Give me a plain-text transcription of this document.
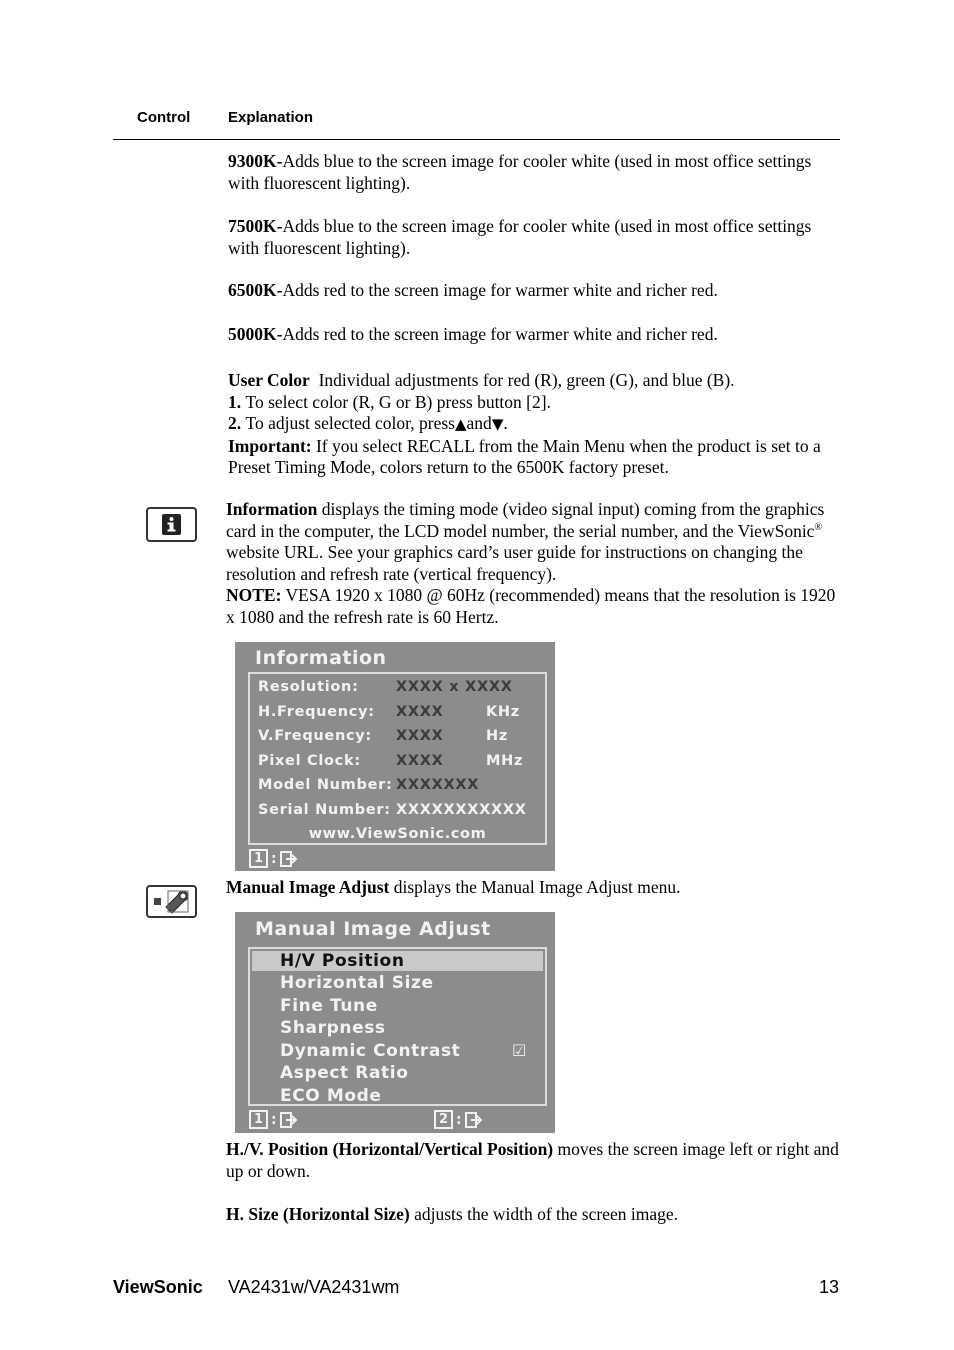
Control	Explanation
9300K-Adds blue to the screen image for cooler white (used in most office settings with fluorescent lighting).
7500K-Adds blue to the screen image for cooler white (used in most office settings with fluorescent lighting).
6500K-Adds red to the screen image for warmer white and richer red.
5000K-Adds red to the screen image for warmer white and richer red.

User Color Individual adjustments for red (R), green (G), and blue (B).

1. To select color (R, G or B) press button [2].

2. To adjust selected color, press▲and▼.

Important: If you select RECALL from the Main Menu when the product is set to a Preset Timing Mode, colors return to the 6500K factory preset.

Information displays the timing mode (video signal input) coming from the graphics card in the computer, the LCD model number, the serial number, and the ViewSonic® website URL. See your graphics card’s user guide for instructions on changing the resolution and refresh rate (vertical frequency).

NOTE: VESA 1920 x 1080 @ 60Hz (recommended) means that the resolution is 1920 x 1080 and the refresh rate is 60 Hertz.

Information
Resolution:	XXXX x XXXX
H.Frequency: XXXX	KHz
V.Frequency: XXXX	Hz
Pixel Clock: XXXX	MHz
Model Number: XXXXXXX
Serial Number: XXXXXXXXXXX
www.ViewSonic.com
1 :
Manual Image Adjust displays the Manual Image Adjust menu.
Manual Image Adjust
H/V Position
Horizontal Size
Fine Tune
Sharpness
Dynamic Contrast	☑
Aspect Ratio
ECO Mode
1 :	2 :
H./V. Position (Horizontal/Vertical Position) moves the screen image left or right and up or down.
H. Size (Horizontal Size) adjusts the width of the screen image.
ViewSonic VA2431w/VA2431wm	13
